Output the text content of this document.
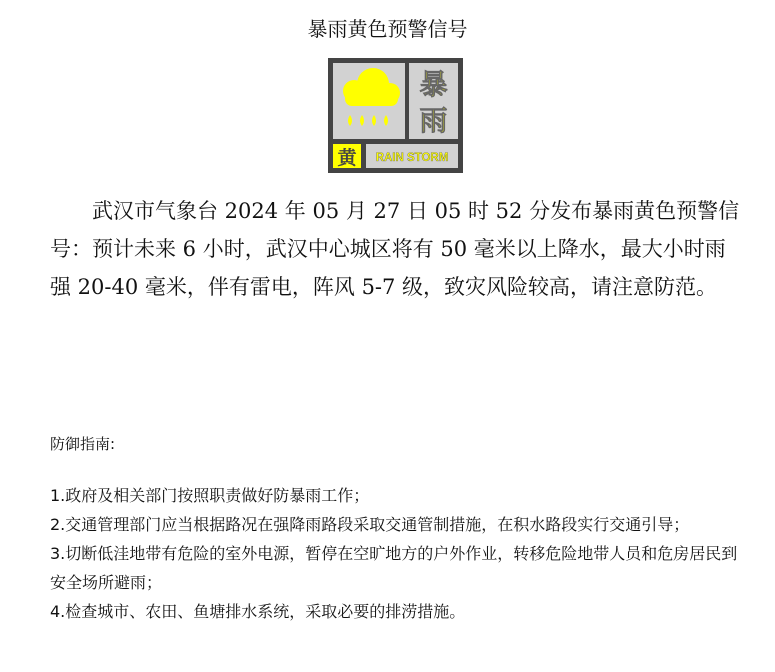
暴雨黄色预警信号
暴
雨
黄 RAIN STORM

武汉市气象台 2024 年 05 月 27 日 05 时 52 分发布暴雨黄色预警信号：预计未来 6 小时，武汉中心城区将有 50 毫米以上降水，最大小时雨强 20-40 毫米，伴有雷电，阵风 5-7 级，致灾风险较高，请注意防范。

防御指南:
1.政府及相关部门按照职责做好防暴雨工作；
2.交通管理部门应当根据路况在强降雨路段采取交通管制措施，在积水路段实行交通引导；
3.切断低洼地带有危险的室外电源，暂停在空旷地方的户外作业，转移危险地带人员和危房居民到安全场所避雨；
4.检查城市、农田、鱼塘排水系统，采取必要的排涝措施。
